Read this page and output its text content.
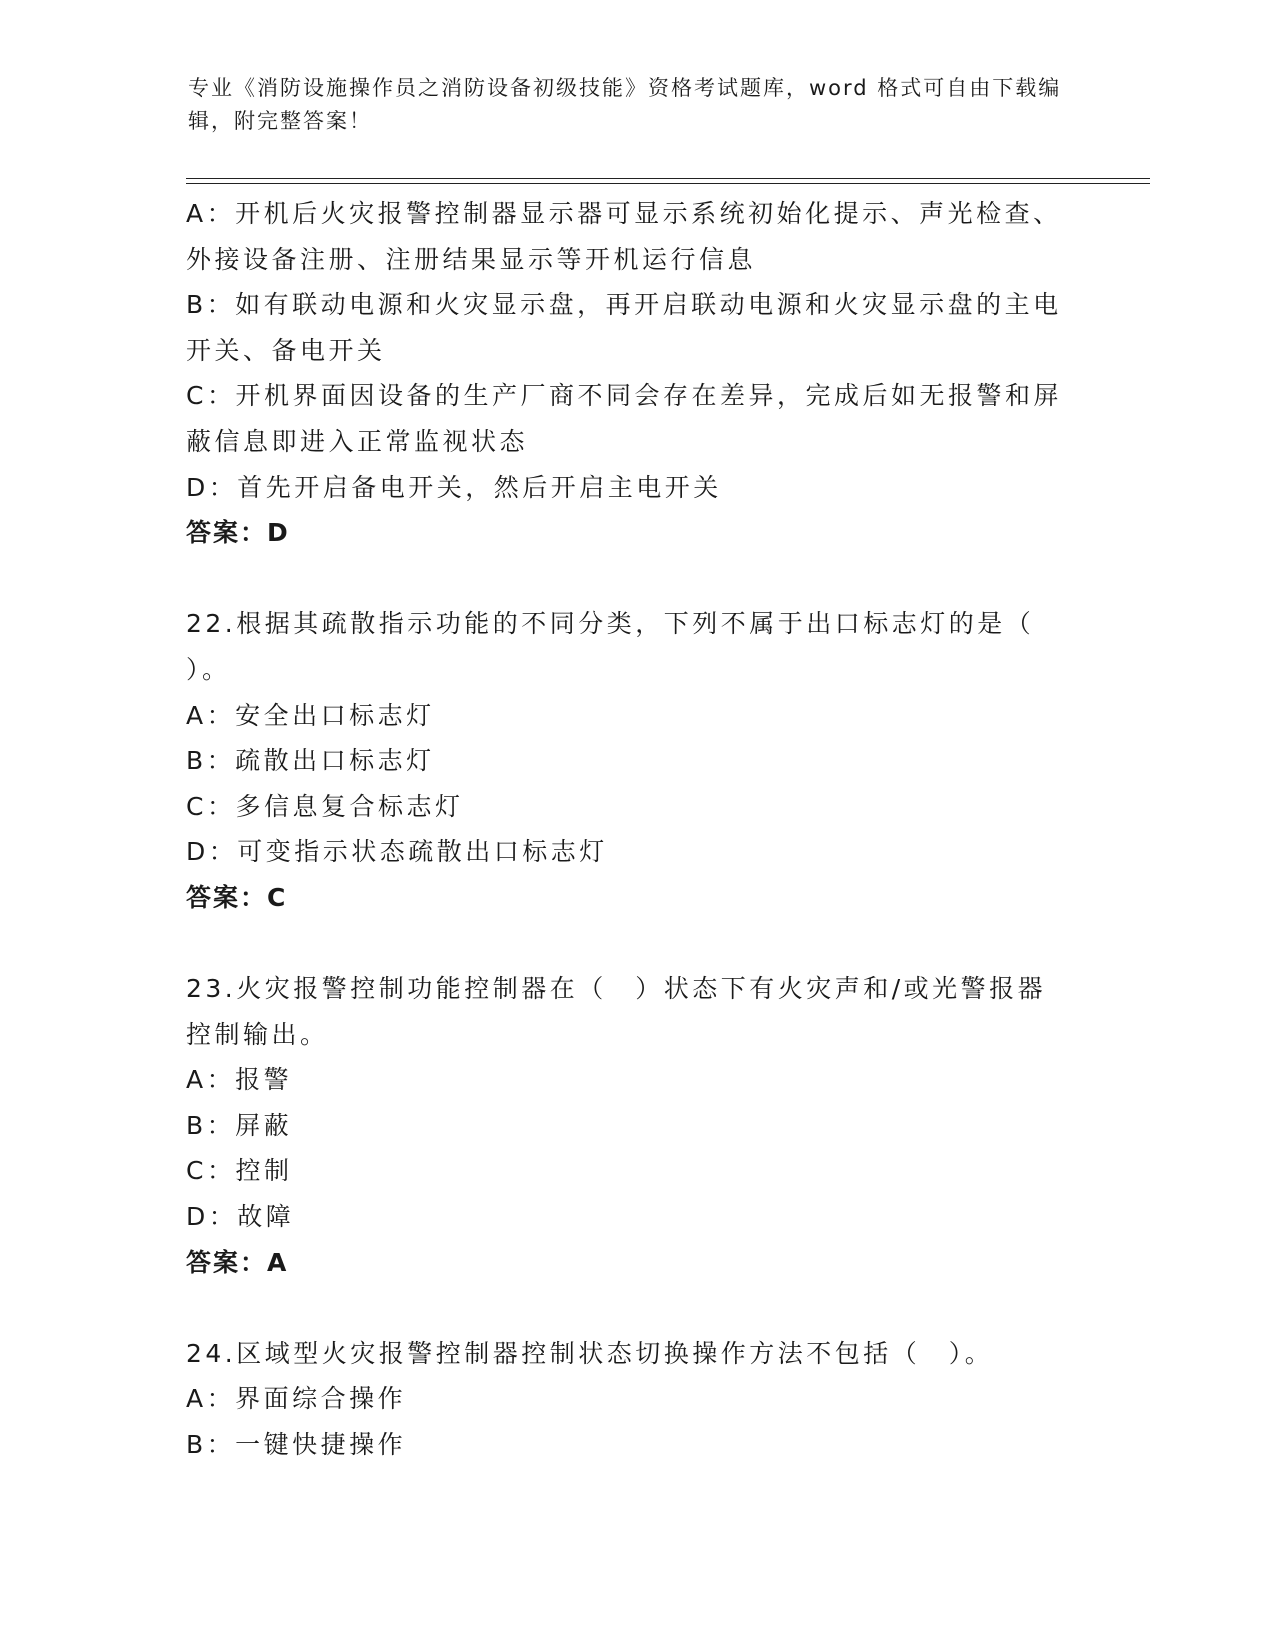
专业《消防设施操作员之消防设备初级技能》资格考试题库，word 格式可自由下载编辑，附完整答案！
A：开机后火灾报警控制器显示器可显示系统初始化提示、声光检查、
外接设备注册、注册结果显示等开机运行信息
B：如有联动电源和火灾显示盘，再开启联动电源和火灾显示盘的主电
开关、备电开关
C：开机界面因设备的生产厂商不同会存在差异，完成后如无报警和屏
蔽信息即进入正常监视状态
D：首先开启备电开关，然后开启主电开关
答案：D
22.根据其疏散指示功能的不同分类，下列不属于出口标志灯的是（
）。
A：安全出口标志灯
B：疏散出口标志灯
C：多信息复合标志灯
D：可变指示状态疏散出口标志灯
答案：C
23.火灾报警控制功能控制器在（　）状态下有火灾声和/或光警报器
控制输出。
A：报警
B：屏蔽
C：控制
D：故障
答案：A
24.区域型火灾报警控制器控制状态切换操作方法不包括（　）。
A：界面综合操作
B：一键快捷操作
